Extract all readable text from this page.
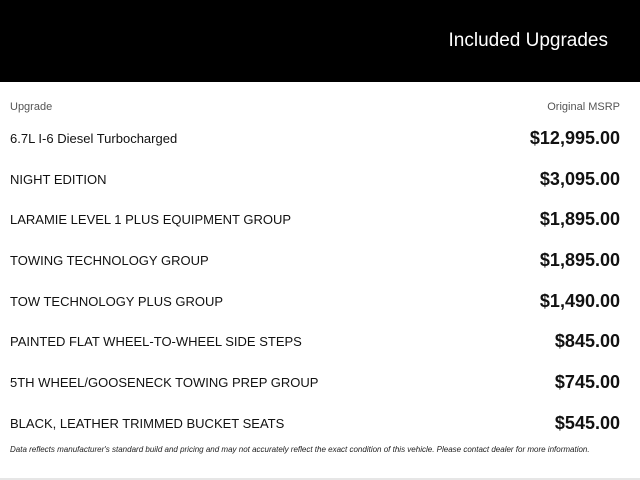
Included Upgrades
Upgrade	Original MSRP
6.7L I-6 Diesel Turbocharged	$12,995.00
NIGHT EDITION	$3,095.00
LARAMIE LEVEL 1 PLUS EQUIPMENT GROUP	$1,895.00
TOWING TECHNOLOGY GROUP	$1,895.00
TOW TECHNOLOGY PLUS GROUP	$1,490.00
PAINTED FLAT WHEEL-TO-WHEEL SIDE STEPS	$845.00
5TH WHEEL/GOOSENECK TOWING PREP GROUP	$745.00
BLACK, LEATHER TRIMMED BUCKET SEATS	$545.00
Data reflects manufacturer's standard build and pricing and may not accurately reflect the exact condition of this vehicle. Please contact dealer for more information.
